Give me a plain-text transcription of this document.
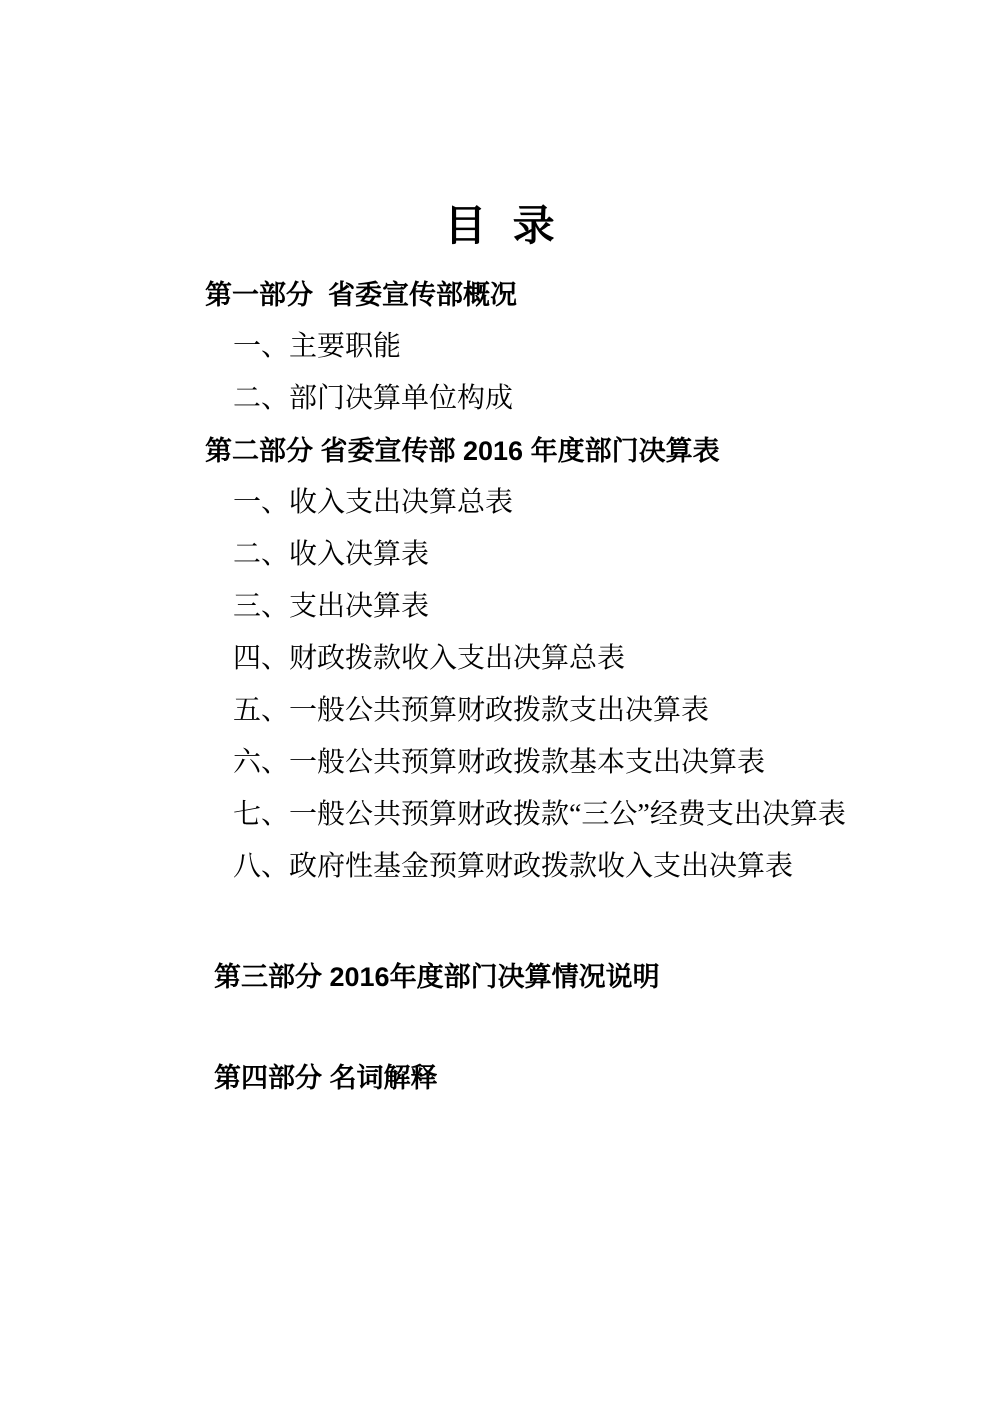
目  录
第一部分  省委宣传部概况
一、主要职能
二、部门决算单位构成
第二部分 省委宣传部 2016 年度部门决算表
一、收入支出决算总表
二、收入决算表
三、支出决算表
四、财政拨款收入支出决算总表
五、一般公共预算财政拨款支出决算表
六、一般公共预算财政拨款基本支出决算表
七、一般公共预算财政拨款“三公”经费支出决算表
八、政府性基金预算财政拨款收入支出决算表
第三部分 2016年度部门决算情况说明
第四部分 名词解释
